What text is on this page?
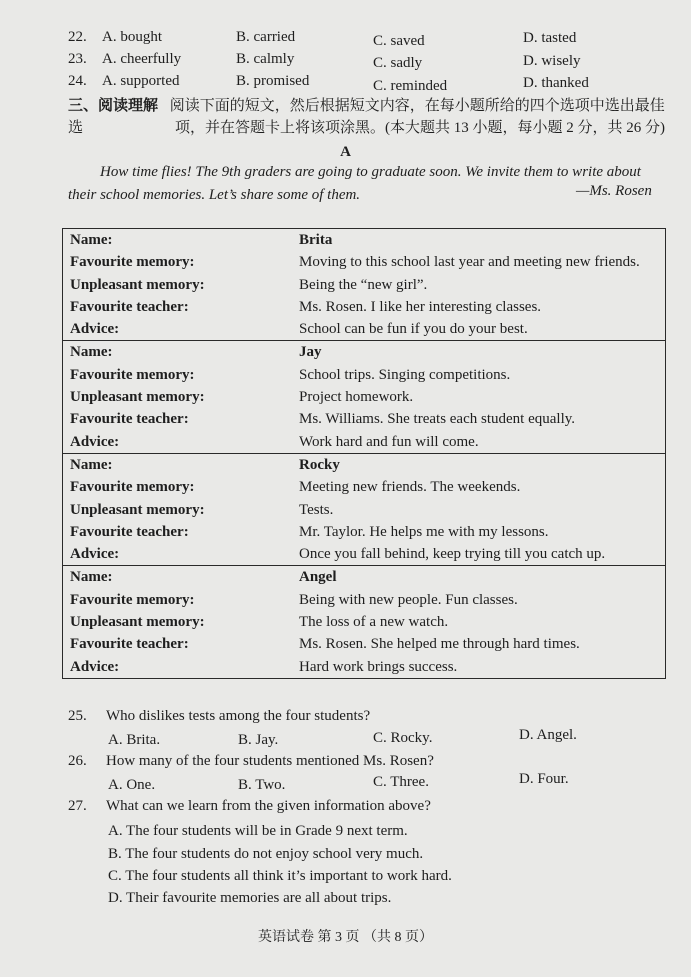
22.	A. bought	B. carried	C. saved	D. tasted
23.	A. cheerfully	B. calmly	C. sadly	D. wisely
24.	A. supported	B. promised	C. reminded	D. thanked
三、阅读理解 阅读下面的短文，然后根据短文内容，在每小题所给的四个选项中选出最佳选	项，并在答题卡上将该项涂黑。(本大题共 13 小题，每小题 2 分，共 26 分)
A
How time flies! The 9th graders are going to graduate soon. We invite them to write about
their school memories. Let’s share some of them.	—Ms. Rosen
Name:	Brita
Favourite memory:	Moving to this school last year and meeting new friends.
Unpleasant memory:	Being the “new girl”.
Favourite teacher:	Ms. Rosen. I like her interesting classes.
Advice:	School can be fun if you do your best.
Name:	Jay
Favourite memory:	School trips. Singing competitions.
Unpleasant memory:	Project homework.
Favourite teacher:	Ms. Williams. She treats each student equally.
Advice:	Work hard and fun will come.
Name:	Rocky
Favourite memory:	Meeting new friends. The weekends.
Unpleasant memory:	Tests.
Favourite teacher:	Mr. Taylor. He helps me with my lessons.
Advice:	Once you fall behind, keep trying till you catch up.
Name:	Angel
Favourite memory:	Being with new people. Fun classes.
Unpleasant memory:	The loss of a new watch.
Favourite teacher:	Ms. Rosen. She helped me through hard times.
Advice:	Hard work brings success.
25. Who dislikes tests among the four students?
A. Brita.	B. Jay.	C. Rocky.	D. Angel.
26. How many of the four students mentioned Ms. Rosen?
A. One.	B. Two.	C. Three.	D. Four.
27. What can we learn from the given information above?
A. The four students will be in Grade 9 next term.
B. The four students do not enjoy school very much.
C. The four students all think it’s important to work hard.
D. Their favourite memories are all about trips.
英语试卷 第 3 页 （共 8 页）
